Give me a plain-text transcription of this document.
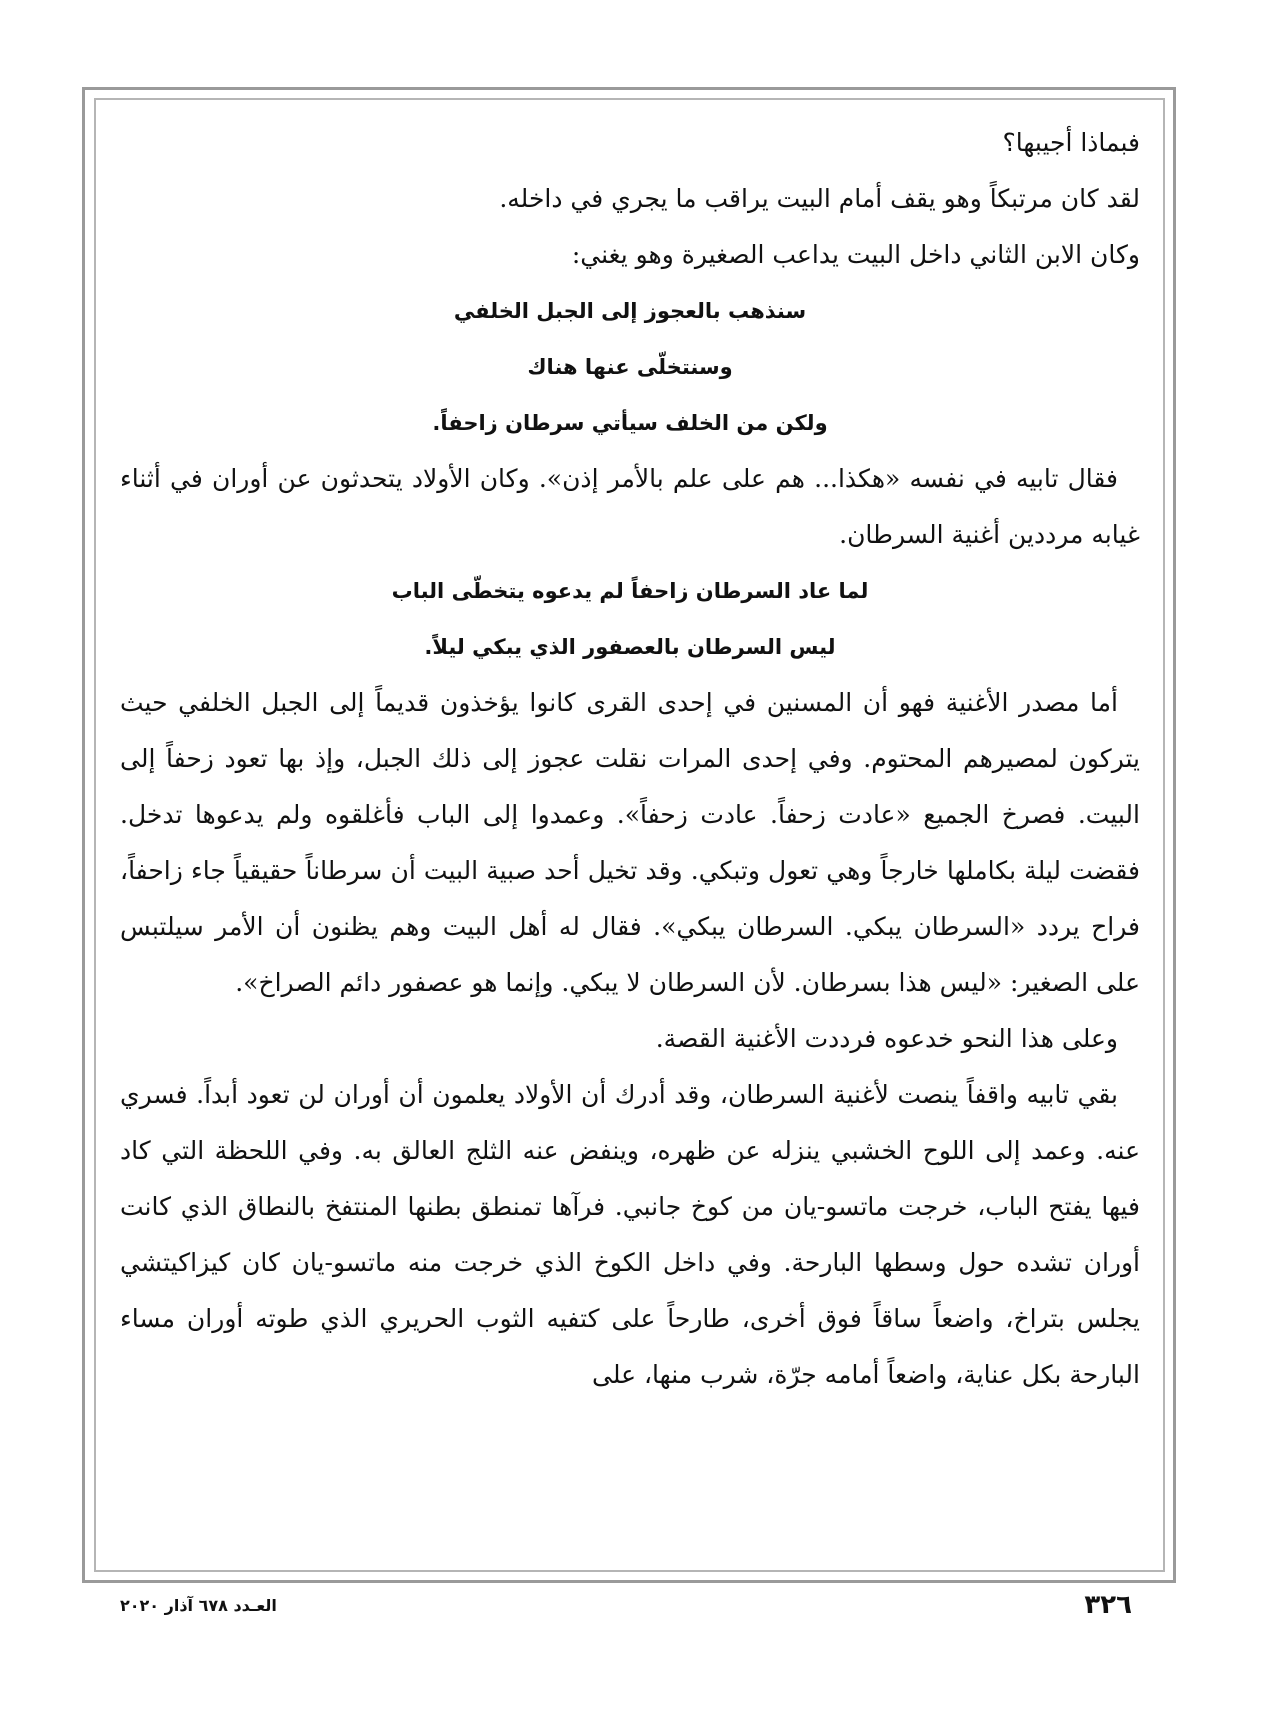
فبماذا أجيبها؟

لقد كان مرتبكاً وهو يقف أمام البيت يراقب ما يجري في داخله.

وكان الابن الثاني داخل البيت يداعب الصغيرة وهو يغني:

سنذهب بالعجوز إلى الجبل الخلفي

وسنتخلّى عنها هناك

ولكن من الخلف سيأتي سرطان زاحفاً.

فقال تابيه في نفسه «هكذا... هم على علم بالأمر إذن». وكان الأولاد يتحدثون عن أوران في أثناء غيابه مرددين أغنية السرطان.

لما عاد السرطان زاحفاً لم يدعوه يتخطّى الباب

ليس السرطان بالعصفور الذي يبكي ليلاً.

أما مصدر الأغنية فهو أن المسنين في إحدى القرى كانوا يؤخذون قديماً إلى الجبل الخلفي حيث يتركون لمصيرهم المحتوم. وفي إحدى المرات نقلت عجوز إلى ذلك الجبل، وإذ بها تعود زحفاً إلى البيت. فصرخ الجميع «عادت زحفاً. عادت زحفاً». وعمدوا إلى الباب فأغلقوه ولم يدعوها تدخل. فقضت ليلة بكاملها خارجاً وهي تعول وتبكي. وقد تخيل أحد صبية البيت أن سرطاناً حقيقياً جاء زاحفاً، فراح يردد «السرطان يبكي. السرطان يبكي». فقال له أهل البيت وهم يظنون أن الأمر سيلتبس على الصغير: «ليس هذا بسرطان. لأن السرطان لا يبكي. وإنما هو عصفور دائم الصراخ».

وعلى هذا النحو خدعوه فرددت الأغنية القصة.

بقي تابيه واقفاً ينصت لأغنية السرطان، وقد أدرك أن الأولاد يعلمون أن أوران لن تعود أبداً. فسري عنه. وعمد إلى اللوح الخشبي ينزله عن ظهره، وينفض عنه الثلج العالق به. وفي اللحظة التي كاد فيها يفتح الباب، خرجت ماتسو-يان من كوخ جانبي. فرآها تمنطق بطنها المنتفخ بالنطاق الذي كانت أوران تشده حول وسطها البارحة. وفي داخل الكوخ الذي خرجت منه ماتسو-يان كان كيزاكيتشي يجلس بتراخ، واضعاً ساقاً فوق أخرى، طارحاً على كتفيه الثوب الحريري الذي طوته أوران مساء البارحة بكل عناية، واضعاً أمامه جرّة، شرب منها، على

٣٢٦
العـدد ٦٧٨ آذار ٢٠٢٠
